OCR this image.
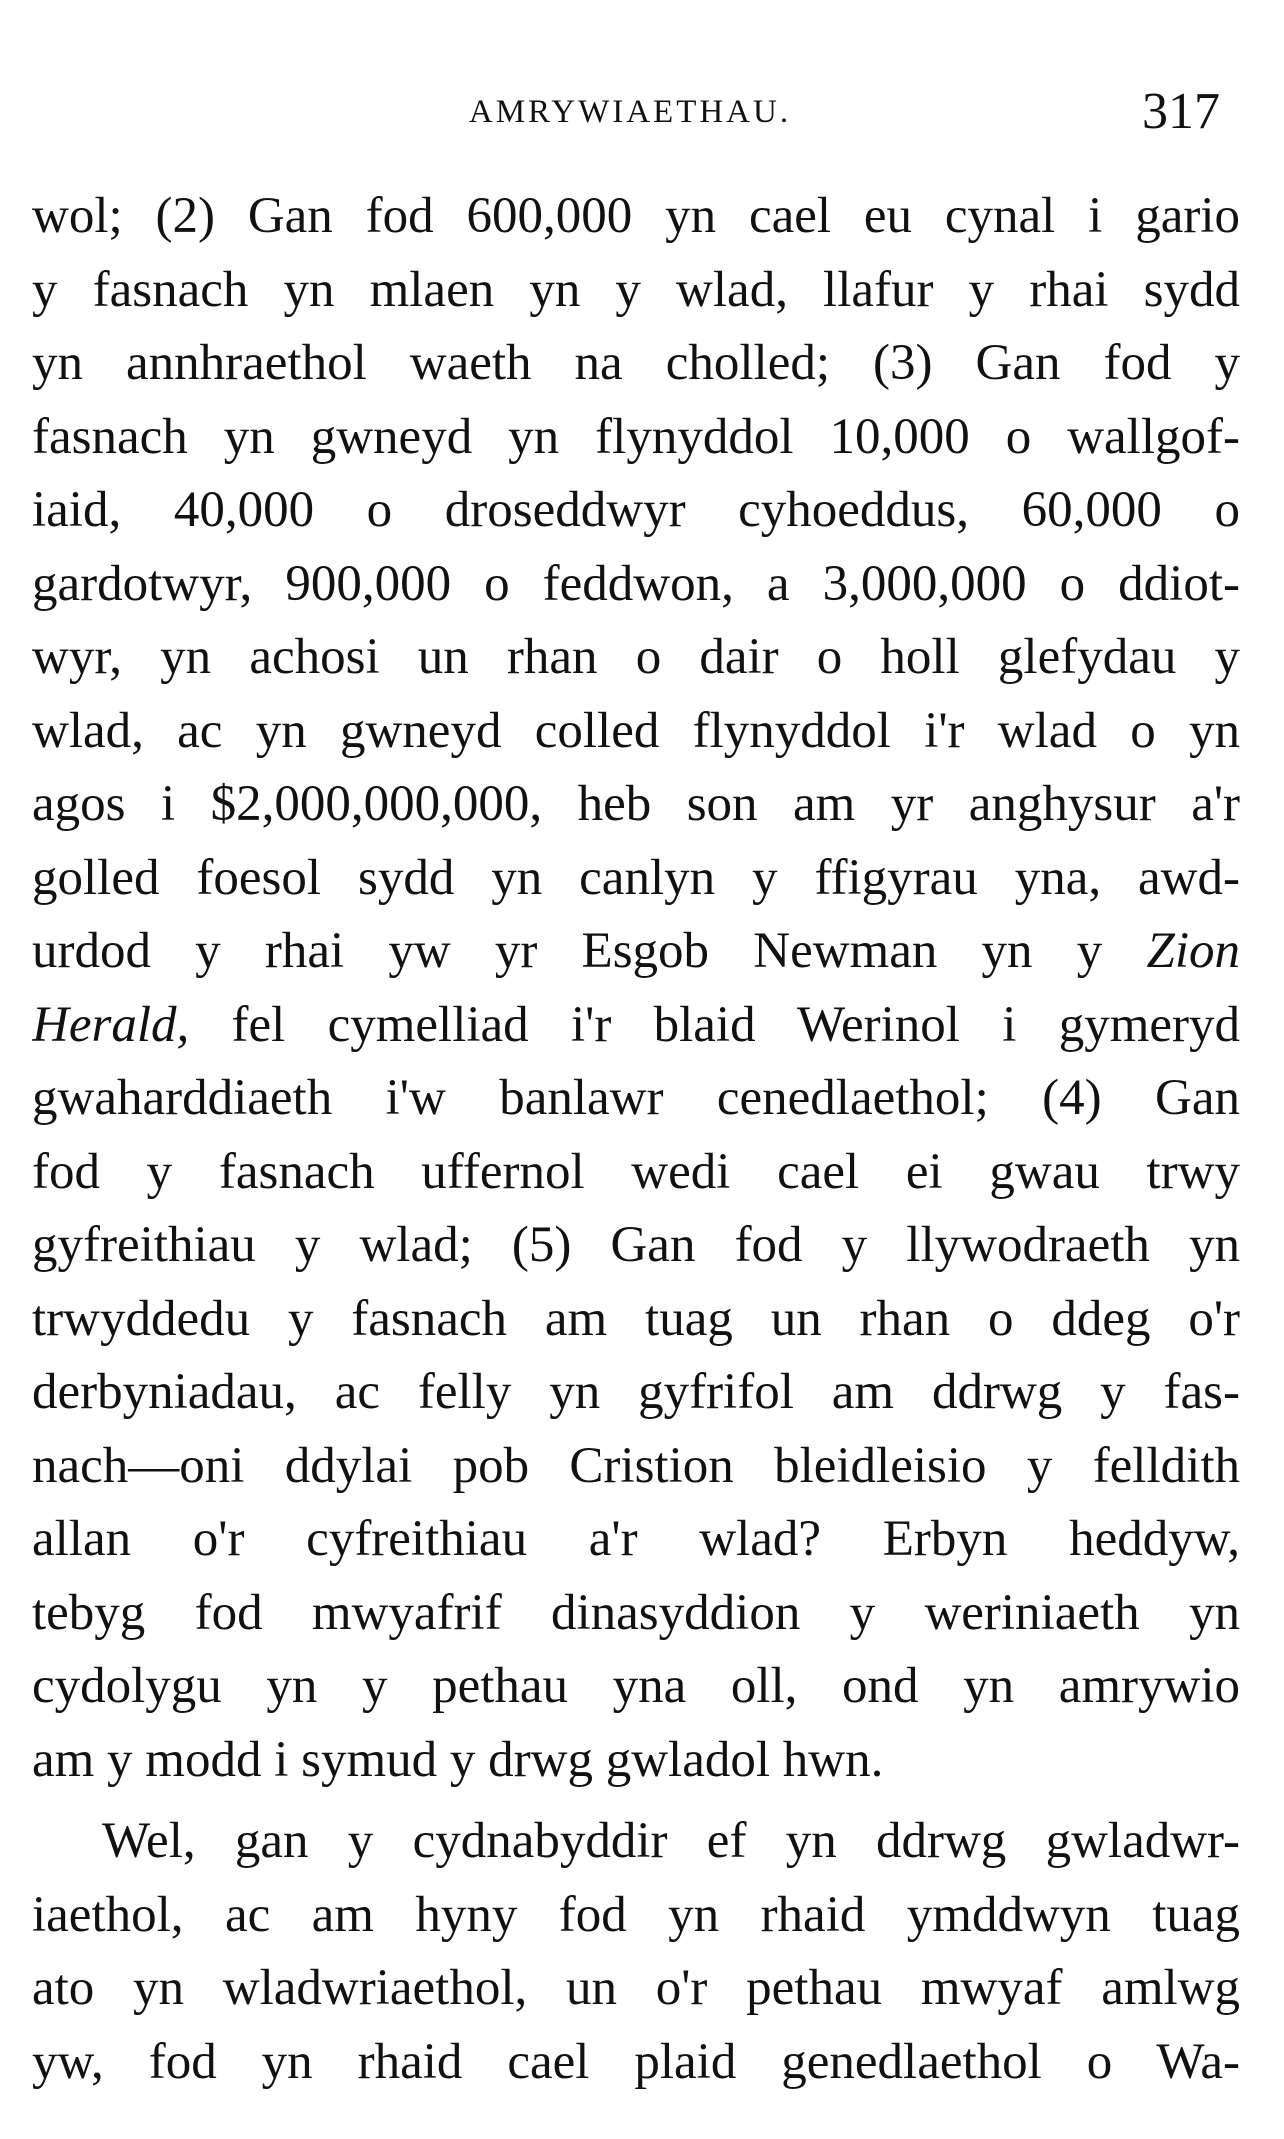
AMRYWIAETHAU.	317
wol; (2) Gan fod 600,000 yn cael eu cynal i gario
y fasnach yn mlaen yn y wlad, llafur y rhai sydd
yn annhraethol waeth na cholled; (3) Gan fod y
fasnach yn gwneyd yn flynyddol 10,000 o wallgof-
iaid, 40,000 o droseddwyr cyhoeddus, 60,000 o
gardotwyr, 900,000 o feddwon, a 3,000,000 o ddiot-
wyr, yn achosi un rhan o dair o holl glefydau y
wlad, ac yn gwneyd colled flynyddol i'r wlad o yn
agos i $2,000,000,000, heb son am yr anghysur a'r
golled foesol sydd yn canlyn y ffigyrau yna, awd-
urdod y rhai yw yr Esgob Newman yn y Zion
Herald, fel cymelliad i'r blaid Werinol i gymeryd
gwaharddiaeth i'w banlawr cenedlaethol; (4) Gan
fod y fasnach uffernol wedi cael ei gwau trwy
gyfreithiau y wlad; (5) Gan fod y llywodraeth yn
trwyddedu y fasnach am tuag un rhan o ddeg o'r
derbyniadau, ac felly yn gyfrifol am ddrwg y fas-
nach—oni ddylai pob Cristion bleidleisio y felldith
allan o'r cyfreithiau a'r wlad? Erbyn heddyw,
tebyg fod mwyafrif dinasyddion y weriniaeth yn
cydolygu yn y pethau yna oll, ond yn amrywio
am y modd i symud y drwg gwladol hwn.
Wel, gan y cydnabyddir ef yn ddrwg gwladwr-
iaethol, ac am hyny fod yn rhaid ymddwyn tuag
ato yn wladwriaethol, un o'r pethau mwyaf amlwg
yw, fod yn rhaid cael plaid genedlaethol o Wa-
